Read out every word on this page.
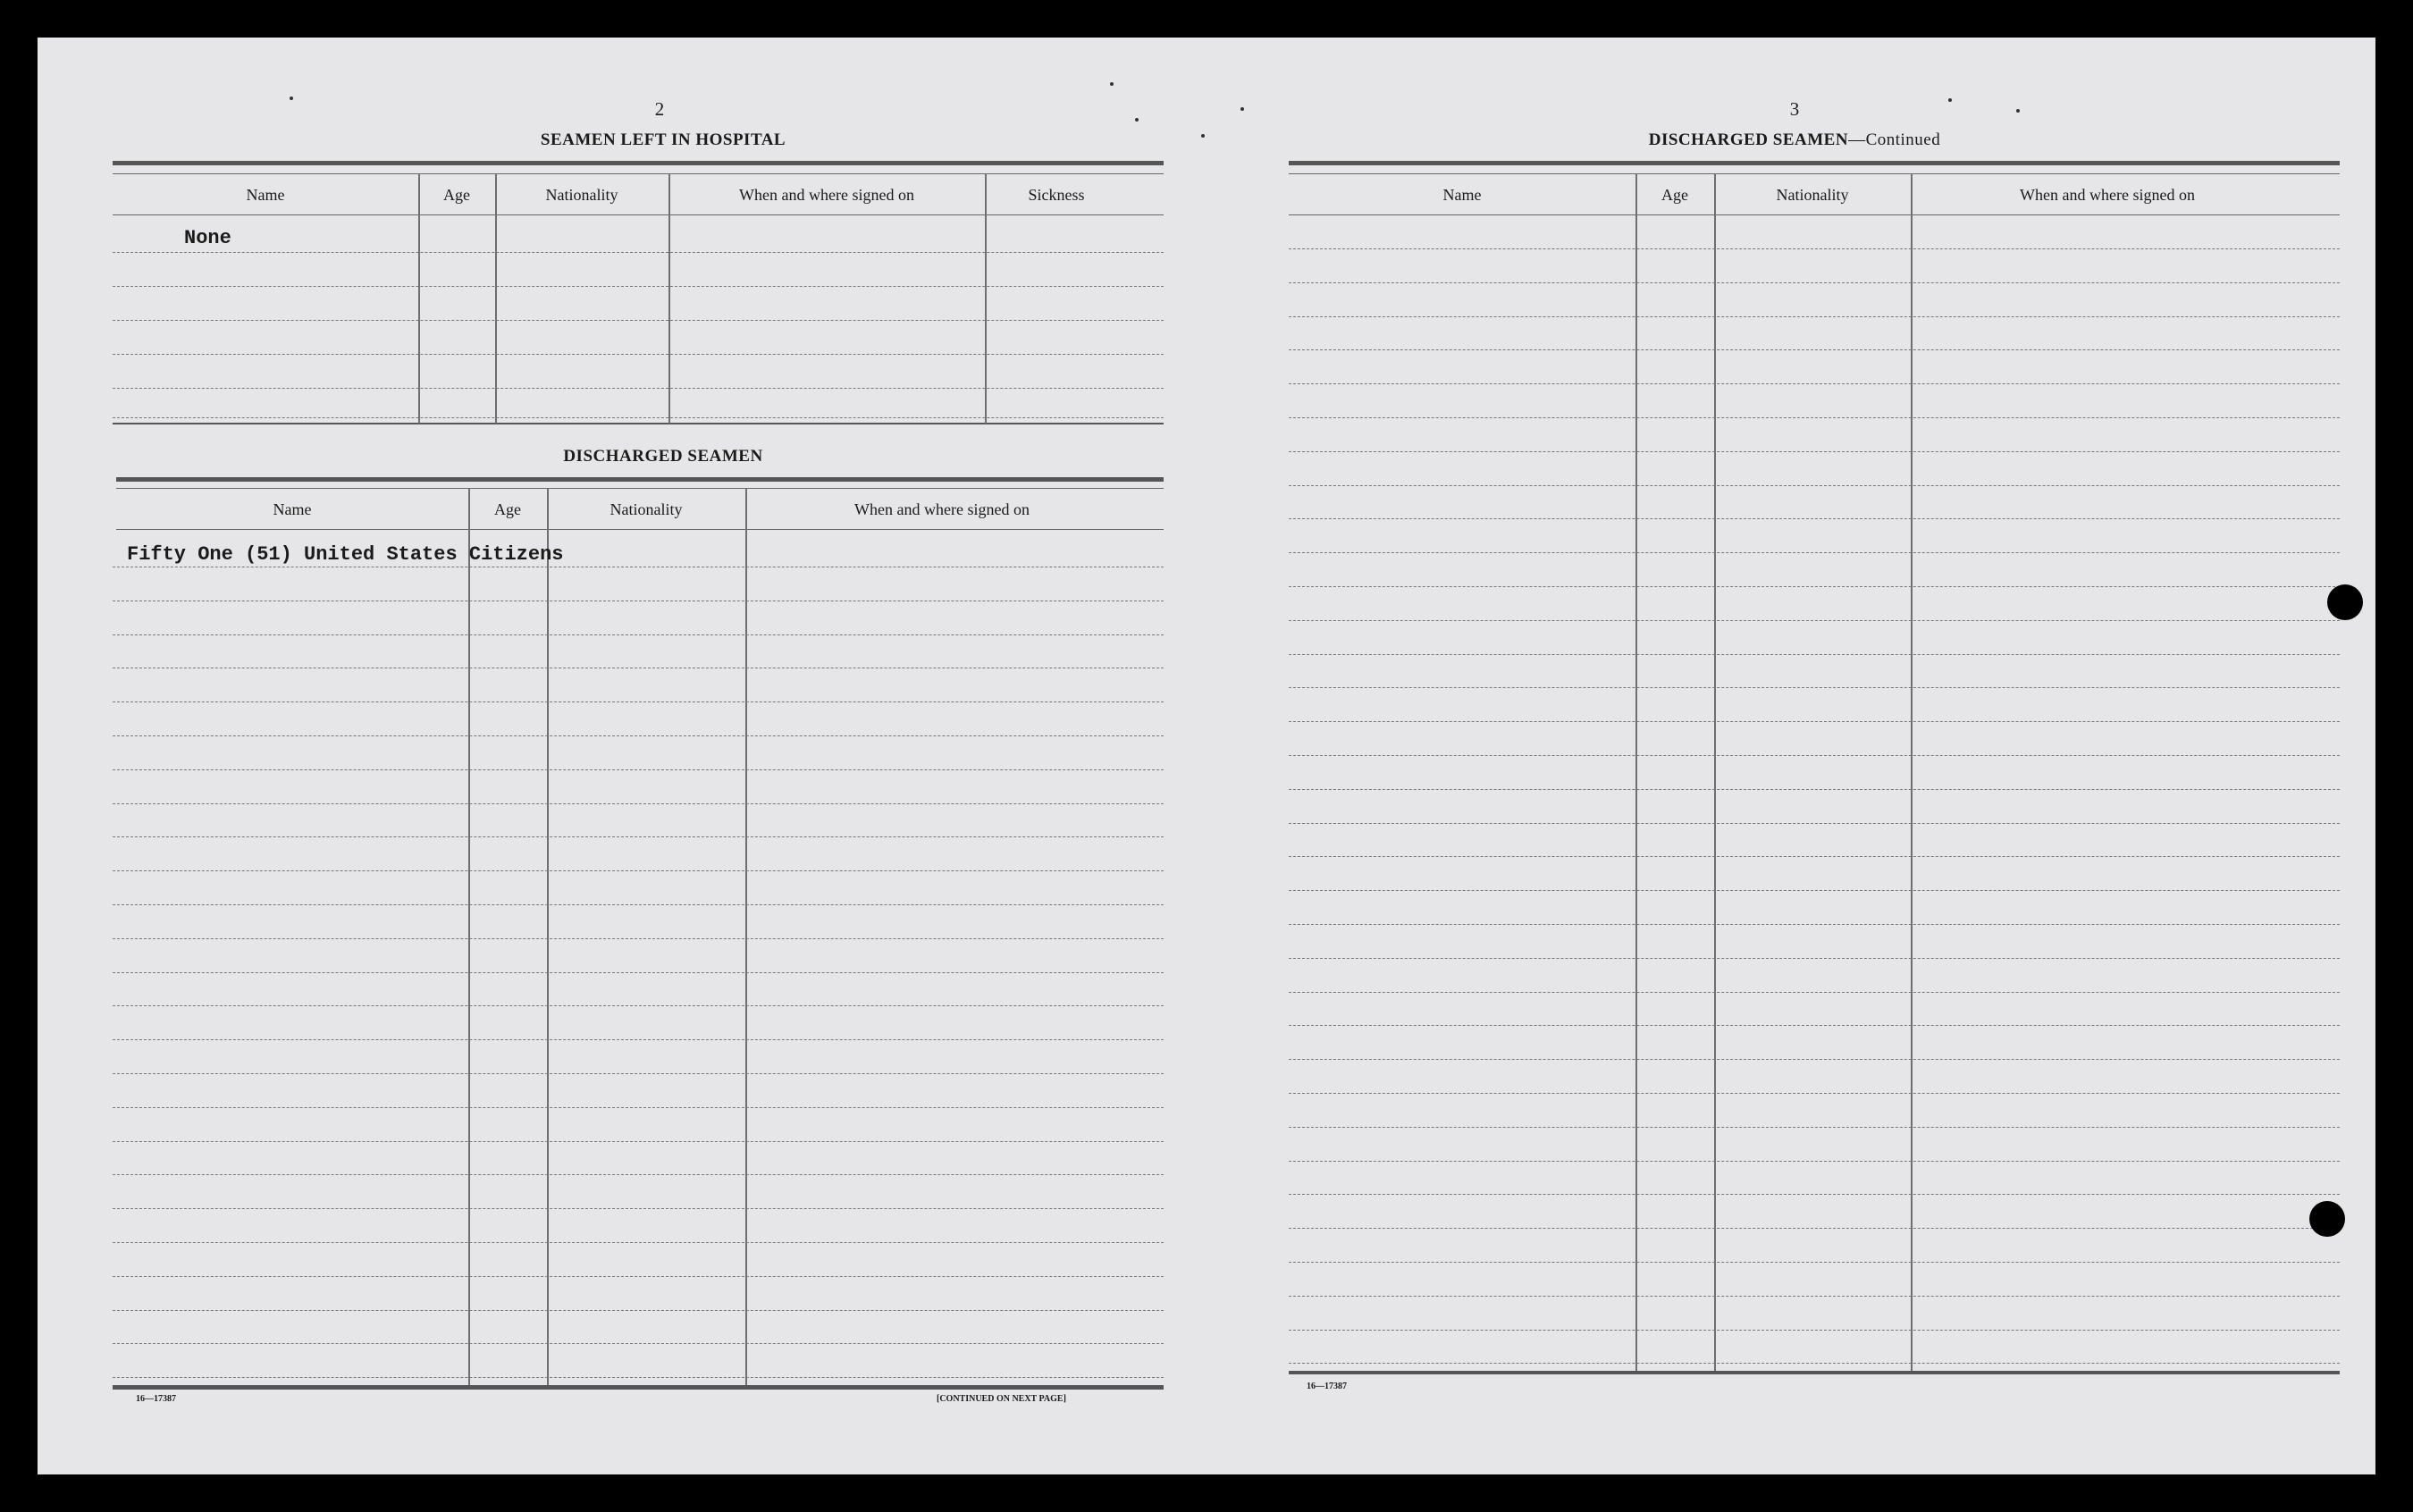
2
SEAMEN LEFT IN HOSPITAL
Name	Age	Nationality	When and where signed on	Sickness
None
DISCHARGED SEAMEN
Name	Age	Nationality	When and where signed on
Fifty One (51) United States Citizens
16—17387	[CONTINUED ON NEXT PAGE]
3
DISCHARGED SEAMEN—Continued
Name	Age	Nationality	When and where signed on
16—17387
